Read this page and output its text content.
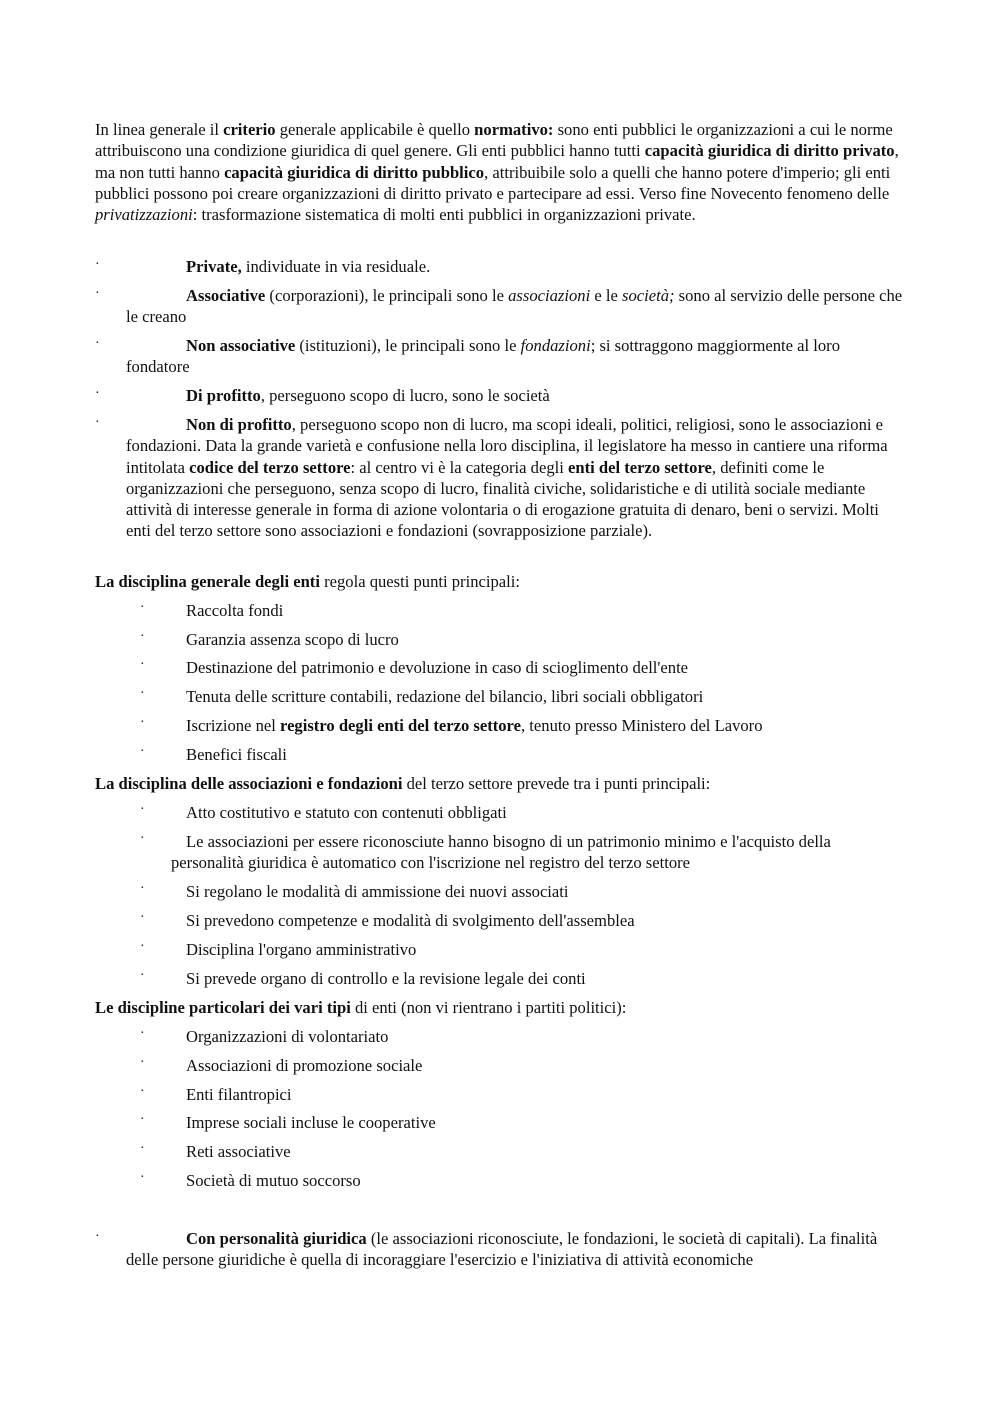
In linea generale il criterio generale applicabile è quello normativo: sono enti pubblici le organizzazioni a cui le norme attribuiscono una condizione giuridica di quel genere. Gli enti pubblici hanno tutti capacità giuridica di diritto privato, ma non tutti hanno capacità giuridica di diritto pubblico, attribuibile solo a quelli che hanno potere d'imperio; gli enti pubblici possono poi creare organizzazioni di diritto privato e partecipare ad essi. Verso fine Novecento fenomeno delle privatizzazioni: trasformazione sistematica di molti enti pubblici in organizzazioni private.

·	Private, individuate in via residuale.
·	Associative (corporazioni), le principali sono le associazioni e le società; sono al servizio delle persone che le creano
·	Non associative (istituzioni), le principali sono le fondazioni; si sottraggono maggiormente al loro fondatore
·	Di profitto, perseguono scopo di lucro, sono le società
·	Non di profitto, perseguono scopo non di lucro, ma scopi ideali, politici, religiosi, sono le associazioni e fondazioni. Data la grande varietà e confusione nella loro disciplina, il legislatore ha messo in cantiere una riforma intitolata codice del terzo settore: al centro vi è la categoria degli enti del terzo settore, definiti come le organizzazioni che perseguono, senza scopo di lucro, finalità civiche, solidaristiche e di utilità sociale mediante attività di interesse generale in forma di azione volontaria o di erogazione gratuita di denaro, beni o servizi. Molti enti del terzo settore sono associazioni e fondazioni (sovrapposizione parziale).
La disciplina generale degli enti regola questi punti principali:
·	Raccolta fondi
·	Garanzia assenza scopo di lucro
·	Destinazione del patrimonio e devoluzione in caso di scioglimento dell'ente
·	Tenuta delle scritture contabili, redazione del bilancio, libri sociali obbligatori
·	Iscrizione nel registro degli enti del terzo settore, tenuto presso Ministero del Lavoro
·	Benefici fiscali
La disciplina delle associazioni e fondazioni del terzo settore prevede tra i punti principali:
·	Atto costitutivo e statuto con contenuti obbligati
·	Le associazioni per essere riconosciute hanno bisogno di un patrimonio minimo e l'acquisto della personalità giuridica è automatico con l'iscrizione nel registro del terzo settore
·	Si regolano le modalità di ammissione dei nuovi associati
·	Si prevedono competenze e modalità di svolgimento dell'assemblea
·	Disciplina l'organo amministrativo
·	Si prevede organo di controllo e la revisione legale dei conti
Le discipline particolari dei vari tipi di enti (non vi rientrano i partiti politici):
·	Organizzazioni di volontariato
·	Associazioni di promozione sociale
·	Enti filantropici
·	Imprese sociali incluse le cooperative
·	Reti associative
·	Società di mutuo soccorso
·	Con personalità giuridica (le associazioni riconosciute, le fondazioni, le società di capitali). La finalità delle persone giuridiche è quella di incoraggiare l'esercizio e l'iniziativa di attività economiche
